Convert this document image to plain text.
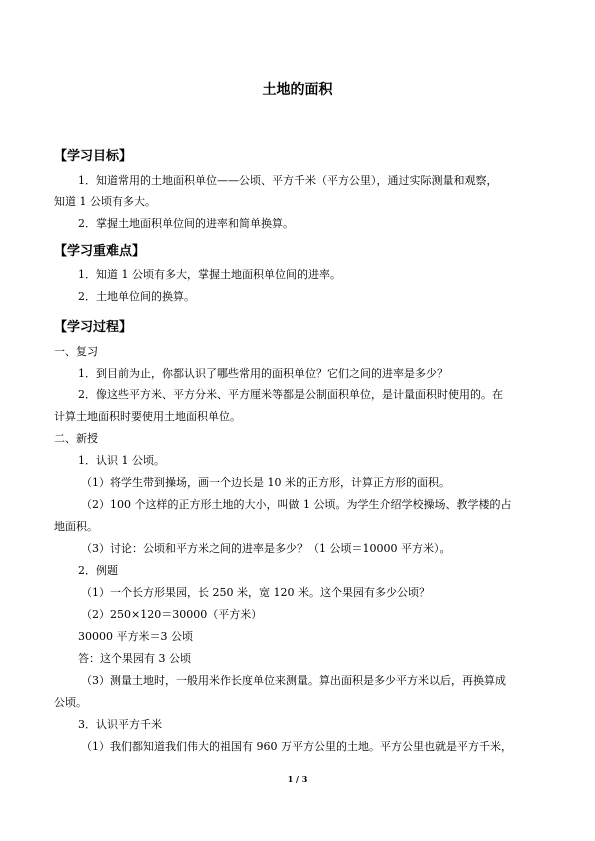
土地的面积
【学习目标】
1．知道常用的土地面积单位——公顷、平方千米（平方公里），通过实际测量和观察，
知道 1 公顷有多大。
2．掌握土地面积单位间的进率和简单换算。
【学习重难点】
1．知道 1 公顷有多大，掌握土地面积单位间的进率。
2．土地单位间的换算。
【学习过程】
一、复习
1．到目前为止，你都认识了哪些常用的面积单位？它们之间的进率是多少？
2．像这些平方米、平方分米、平方厘米等都是公制面积单位，是计量面积时使用的。在
计算土地面积时要使用土地面积单位。
二、新授
1．认识 1 公顷。
（1）将学生带到操场，画一个边长是 10 米的正方形，计算正方形的面积。
（2）100 个这样的正方形土地的大小，叫做 1 公顷。为学生介绍学校操场、教学楼的占
地面积。
（3）讨论：公顷和平方米之间的进率是多少？（1 公顷＝10000 平方米）。
2．例题
（1）一个长方形果园，长 250 米，宽 120 米。这个果园有多少公顷？
（2）250×120＝30000（平方米）
30000 平方米＝3 公顷
答：这个果园有 3 公顷
（3）测量土地时，一般用米作长度单位来测量。算出面积是多少平方米以后，再换算成
公顷。
3．认识平方千米
（1）我们都知道我们伟大的祖国有 960 万平方公里的土地。平方公里也就是平方千米，
1 / 3
